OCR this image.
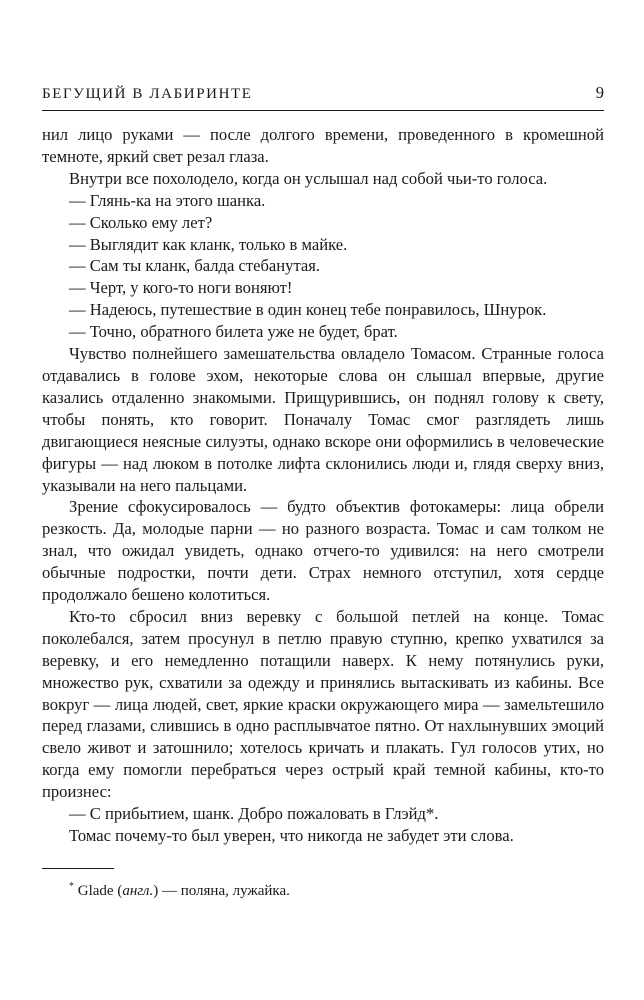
БЕГУЩИЙ В ЛАБИРИНТЕ	9

нил лицо руками — после долгого времени, проведенного в кромешной темноте, яркий свет резал глаза.

Внутри все похолодело, когда он услышал над собой чьи-то голоса.

— Глянь-ка на этого шанка.

— Сколько ему лет?

— Выглядит как кланк, только в майке.

— Сам ты кланк, балда стебанутая.

— Черт, у кого-то ноги воняют!

— Надеюсь, путешествие в один конец тебе понравилось, Шнурок.

— Точно, обратного билета уже не будет, брат.

Чувство полнейшего замешательства овладело Томасом. Странные голоса отдавались в голове эхом, некоторые слова он слышал впервые, другие казались отдаленно знакомыми. Прищурившись, он поднял голову к свету, чтобы понять, кто говорит. Поначалу Томас смог разглядеть лишь двигающиеся неясные силуэты, однако вскоре они оформились в человеческие фигуры — над люком в потолке лифта склонились люди и, глядя сверху вниз, указывали на него пальцами.

Зрение сфокусировалось — будто объектив фотокамеры: лица обрели резкость. Да, молодые парни — но разного возраста. Томас и сам толком не знал, что ожидал увидеть, однако отчего-то удивился: на него смотрели обычные подростки, почти дети. Страх немного отступил, хотя сердце продолжало бешено колотиться.

Кто-то сбросил вниз веревку с большой петлей на конце. Томас поколебался, затем просунул в петлю правую ступню, крепко ухватился за веревку, и его немедленно потащили наверх. К нему потянулись руки, множество рук, схватили за одежду и принялись вытаскивать из кабины. Все вокруг — лица людей, свет, яркие краски окружающего мира — замельтешило перед глазами, слившись в одно расплывчатое пятно. От нахлынувших эмоций свело живот и затошнило; хотелось кричать и плакать. Гул голосов утих, но когда ему помогли перебраться через острый край темной кабины, кто-то произнес:

— С прибытием, шанк. Добро пожаловать в Глэйд*.

Томас почему-то был уверен, что никогда не забудет эти слова.

* Glade (англ.) — поляна, лужайка.
